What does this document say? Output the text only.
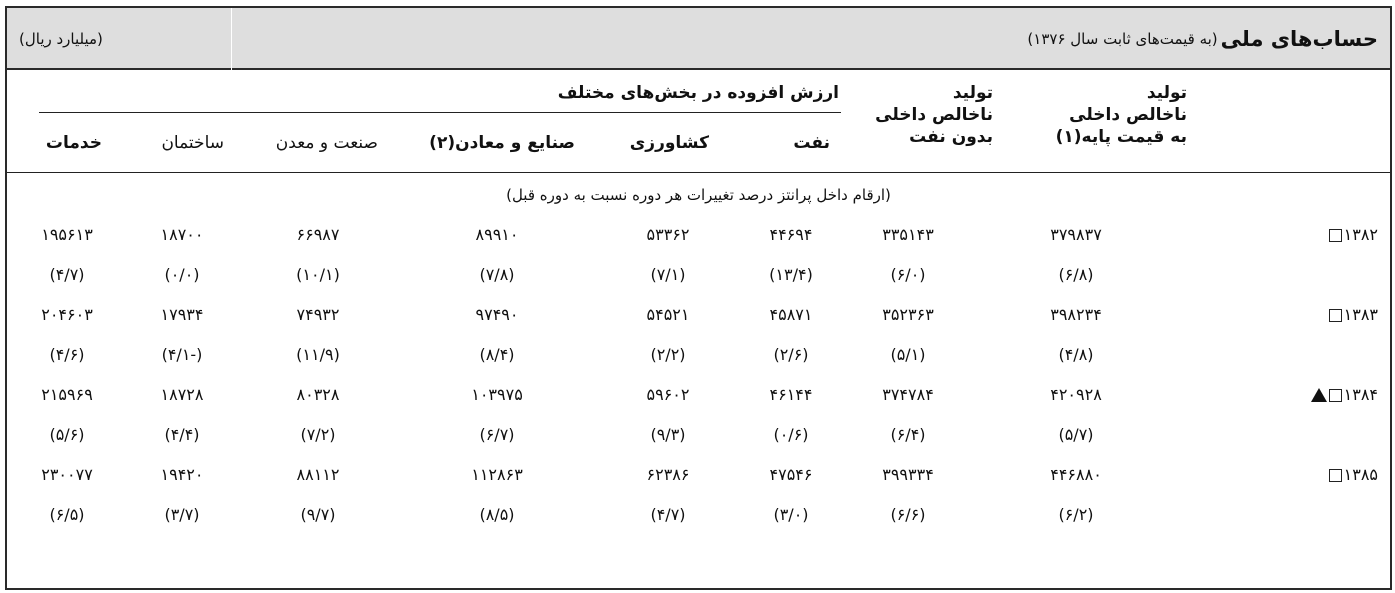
حساب‌های ملی
(به قیمت‌های ثابت سال ۱۳۷۶)
(میلیارد ریال)
تولید
ناخالص داخلی
به قیمت پایه(۱)
تولید
ناخالص داخلی
بدون نفت
ارزش افزوده در بخش‌های مختلف
نفت
کشاورزی
صنایع و معادن(۲)
صنعت و معدن
ساختمان
خدمات
(ارقام داخل پرانتز درصد تغییرات هر دوره نسبت به دوره قبل)
۱۳۸۲
۳۷۹۸۳۷
۳۳۵۱۴۳
۴۴۶۹۴
۵۳۳۶۲
۸۹۹۱۰
۶۶۹۸۷
۱۸۷۰۰
۱۹۵۶۱۳
(۶/۸)
(۶/۰)
(۱۳/۴)
(۷/۱)
(۷/۸)
(۱۰/۱)
(۰/۰)
(۴/۷)
۱۳۸۳
۳۹۸۲۳۴
۳۵۲۳۶۳
۴۵۸۷۱
۵۴۵۲۱
۹۷۴۹۰
۷۴۹۳۲
۱۷۹۳۴
۲۰۴۶۰۳
(۴/۸)
(۵/۱)
(۲/۶)
(۲/۲)
(۸/۴)
(۱۱/۹)
(-۴/۱)
(۴/۶)
۱۳۸۴
۴۲۰۹۲۸
۳۷۴۷۸۴
۴۶۱۴۴
۵۹۶۰۲
۱۰۳۹۷۵
۸۰۳۲۸
۱۸۷۲۸
۲۱۵۹۶۹
(۵/۷)
(۶/۴)
(۰/۶)
(۹/۳)
(۶/۷)
(۷/۲)
(۴/۴)
(۵/۶)
۱۳۸۵
۴۴۶۸۸۰
۳۹۹۳۳۴
۴۷۵۴۶
۶۲۳۸۶
۱۱۲۸۶۳
۸۸۱۱۲
۱۹۴۲۰
۲۳۰۰۷۷
(۶/۲)
(۶/۶)
(۳/۰)
(۴/۷)
(۸/۵)
(۹/۷)
(۳/۷)
(۶/۵)
